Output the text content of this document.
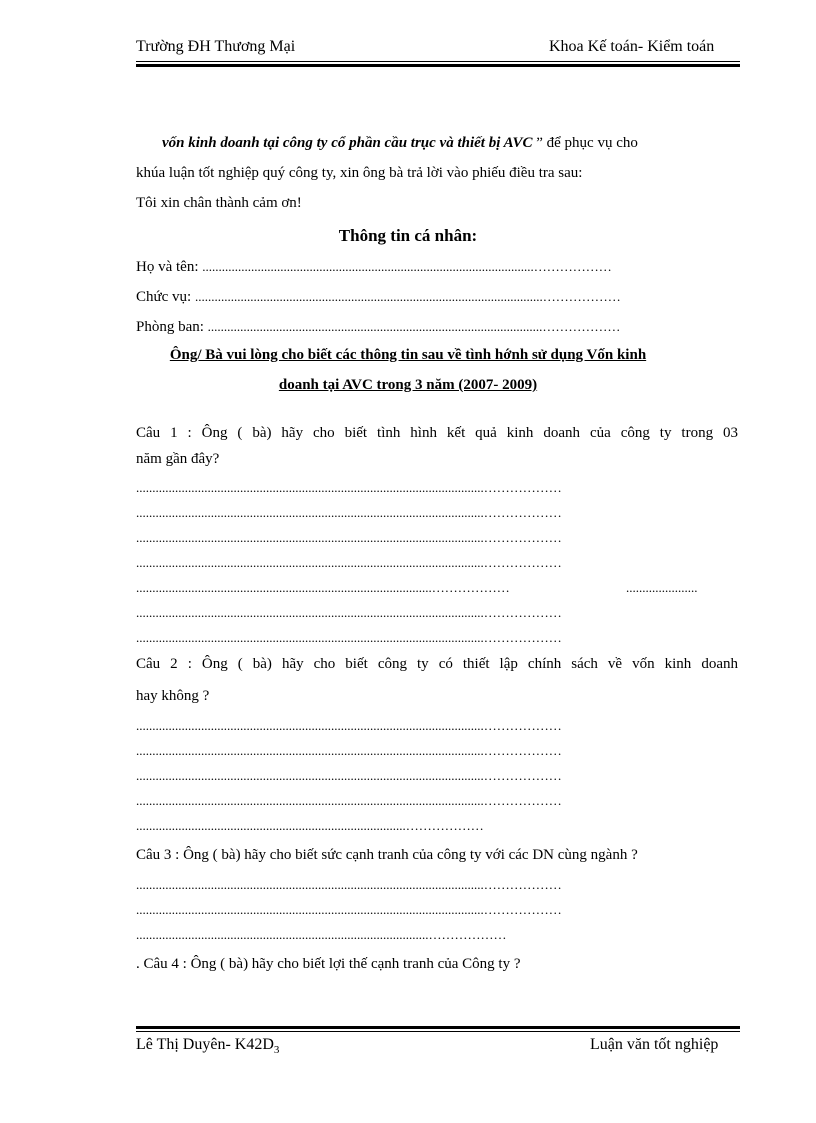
Trường ĐH Thương Mại	Khoa Kế toán- Kiểm toán
vốn kinh doanh tại công ty cổ phần cầu trục và thiết bị AVC ” để phục vụ cho
khúa luận tốt nghiệp quý công ty, xin ông bà trả lời vào phiếu điều tra sau:
Tôi xin chân thành cảm ơn!
Thông tin cá nhân:
Họ và tên: ......................................................................................................………………
Chức vụ: ...........................................................................................................………………
Phòng ban: .......................................................................................................………………
Ông/ Bà vui lòng cho biết các thông tin sau về tình hớnh sử dụng Vốn kinh
doanh tại AVC trong 3 năm (2007- 2009)
Câu 1 : Ông ( bà) hãy cho biết tình hình kết quả kinh doanh của công ty trong 03
năm gần đây?
...........................................................................................................………………
...........................................................................................................………………
...........................................................................................................………………
...........................................................................................................………………
...........................................................................................………………	......................
...........................................................................................................………………
...........................................................................................................………………
Câu 2 : Ông ( bà) hãy cho biết công ty có thiết lập chính sách về vốn kinh doanh
hay không ?
...........................................................................................................………………
...........................................................................................................………………
...........................................................................................................………………
...........................................................................................................………………
...................................................................................………………
Câu 3 : Ông ( bà) hãy cho biết sức cạnh tranh của công ty với các DN cùng ngành ?
...........................................................................................................………………
...........................................................................................................………………
..........................................................................................………………
. Câu 4 : Ông ( bà) hãy cho biết lợi thế cạnh tranh của Công ty ?
Lê Thị Duyên- $K42D_3$	Luận văn tốt nghiệp
